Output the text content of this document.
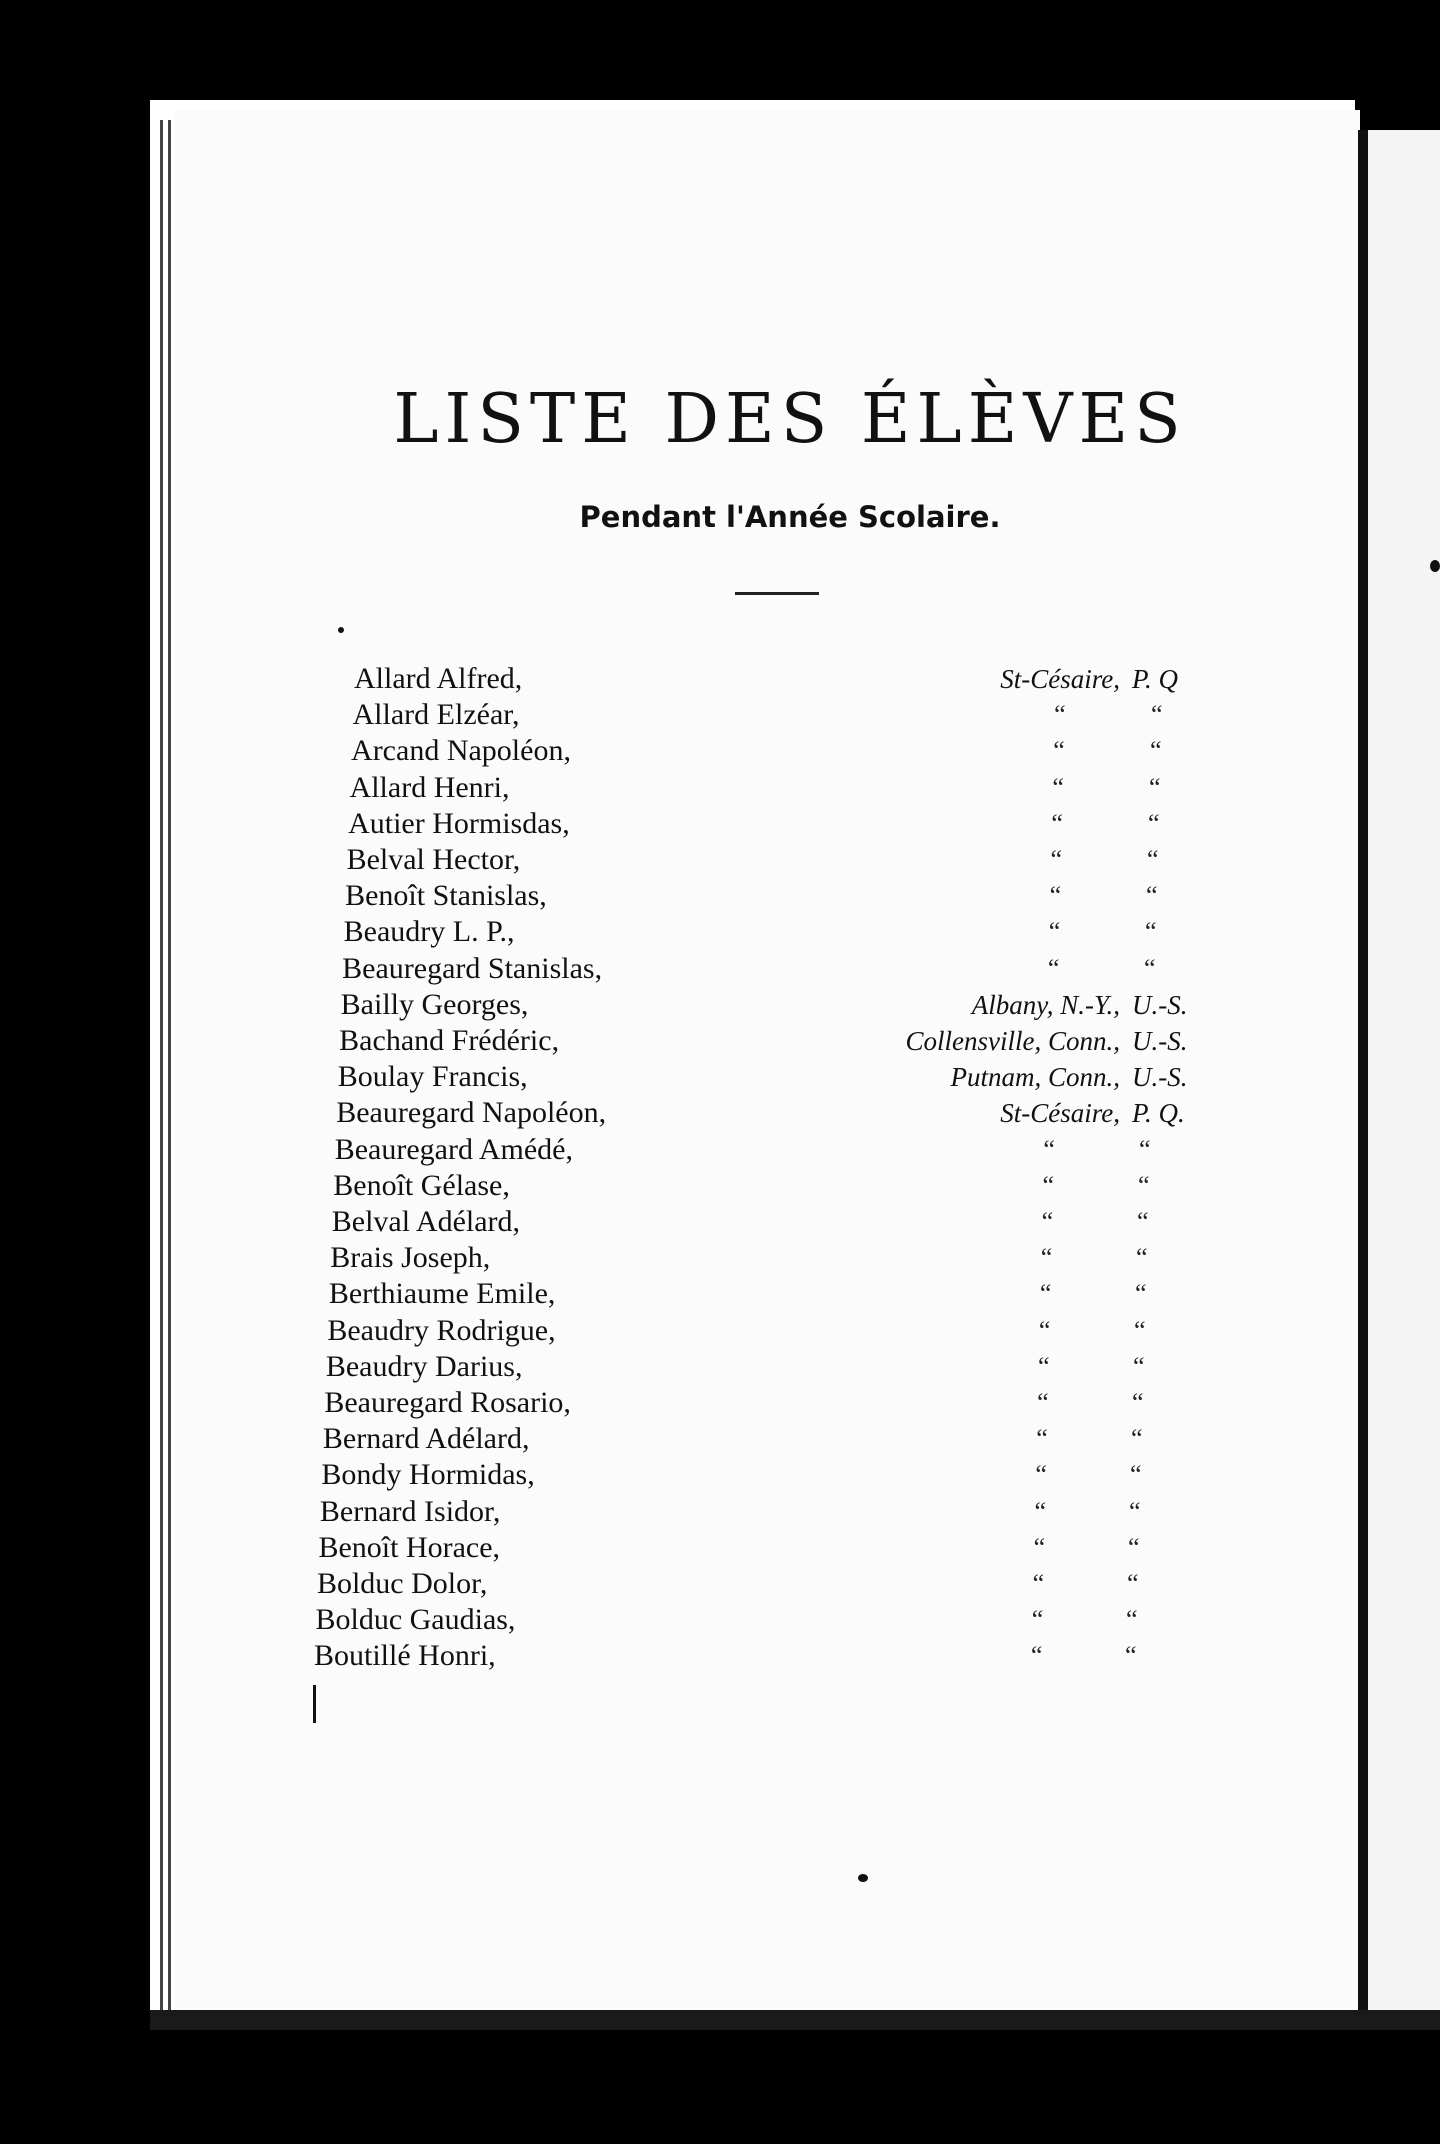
LISTE DES ÉLÈVES
Pendant l'Année Scolaire.
Allard Alfred,	St-Césaire, P. Q
Allard Elzéar,	“	“
Arcand Napoléon,	“	“
Allard Henri,	“	“
Autier Hormisdas,	“	“
Belval Hector,	“	“
Benoît Stanislas,	“	“
Beaudry L. P.,	“	“
Beauregard Stanislas,	“	“
Bailly Georges,	Albany, N.-Y., U.-S.
Bachand Frédéric,	Collensville, Conn., U.-S.
Boulay Francis,	Putnam, Conn., U.-S.
Beauregard Napoléon,	St-Césaire, P. Q.
Beauregard Amédé,	“	“
Benoît Gélase,	“	“
Belval Adélard,	“	“
Brais Joseph,	“	“
Berthiaume Emile,	“	“
Beaudry Rodrigue,	“	“
Beaudry Darius,	“	“
Beauregard Rosario,	“	“
Bernard Adélard,	“	“
Bondy Hormidas,	“	“
Bernard Isidor,	“	“
Benoît Horace,	“	“
Bolduc Dolor,	“	“
Bolduc Gaudias,	“	“
Boutillé Honri,	“	“
